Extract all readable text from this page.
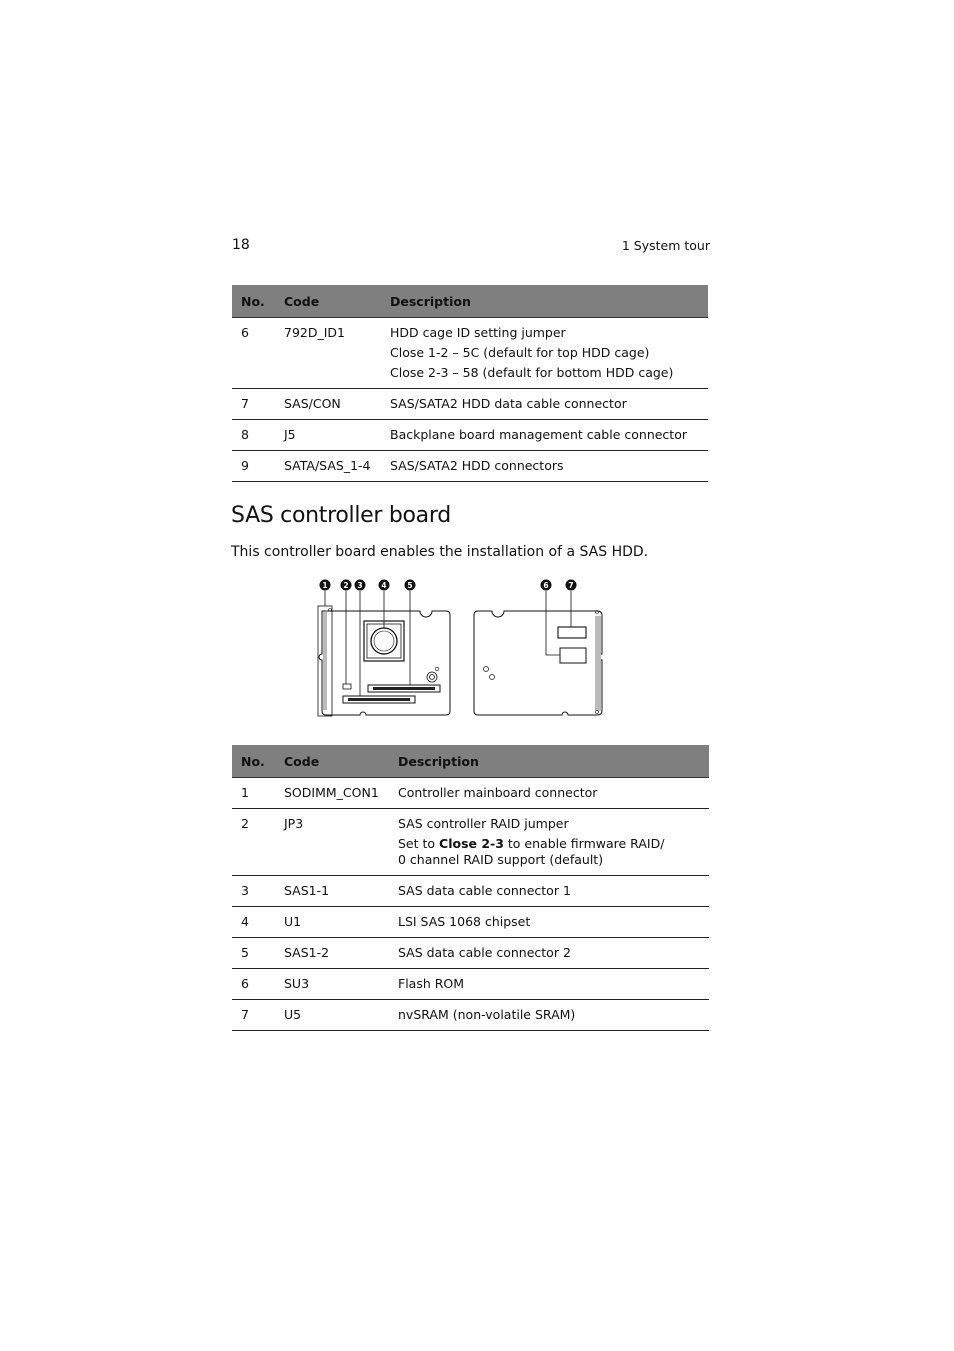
18	1 System tour
No.	Code	Description
6	792D_ID1	HDD cage ID setting jumper
Close 1-2 – 5C (default for top HDD cage)
Close 2-3 – 58 (default for bottom HDD cage)

7	SAS/CON	SAS/SATA2 HDD data cable connector

8	J5	Backplane board management cable connector

9	SATA/SAS_1-4	SAS/SATA2 HDD connectors
SAS controller board

This controller board enables the installation of a SAS HDD.

1 2 3	4	5	6	7
No.	Code	Description
1	SODIMM_CON1	Controller mainboard connector

2	JP3	SAS controller RAID jumper
Set to Close 2-3 to enable firmware RAID/
0 channel RAID support (default)

3	SAS1-1	SAS data cable connector 1

4	U1	LSI SAS 1068 chipset

5	SAS1-2	SAS data cable connector 2

6	SU3	Flash ROM

7	U5	nvSRAM (non-volatile SRAM)
